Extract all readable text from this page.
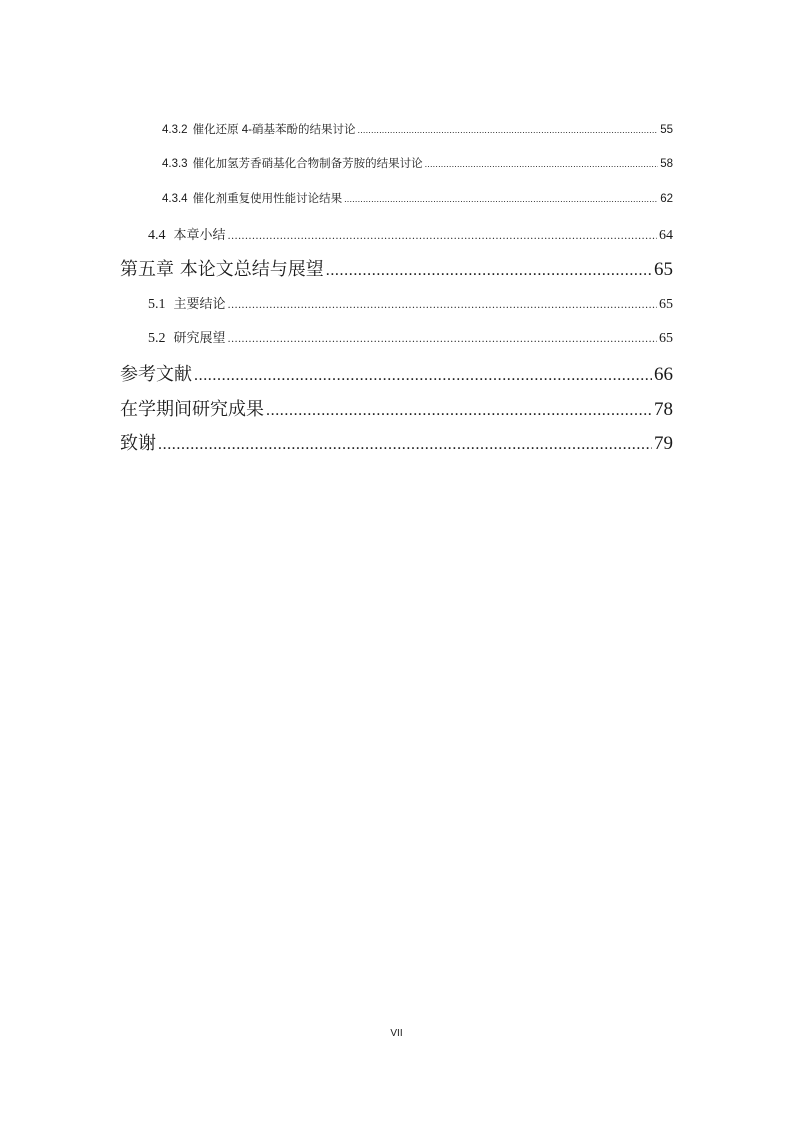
4.3.2 催化还原 4-硝基苯酚的结果讨论 .....	55
4.3.3 催化加氢芳香硝基化合物制备芳胺的结果讨论 .....	58
4.3.4 催化剂重复使用性能讨论结果 .....	62
4.4 本章小结 .....	64
第五章 本论文总结与展望 .....	65
5.1 主要结论 .....	65
5.2 研究展望 .....	65
参考文献 .....	66
在学期间研究成果 .....	78
致谢 .....	79
VII
